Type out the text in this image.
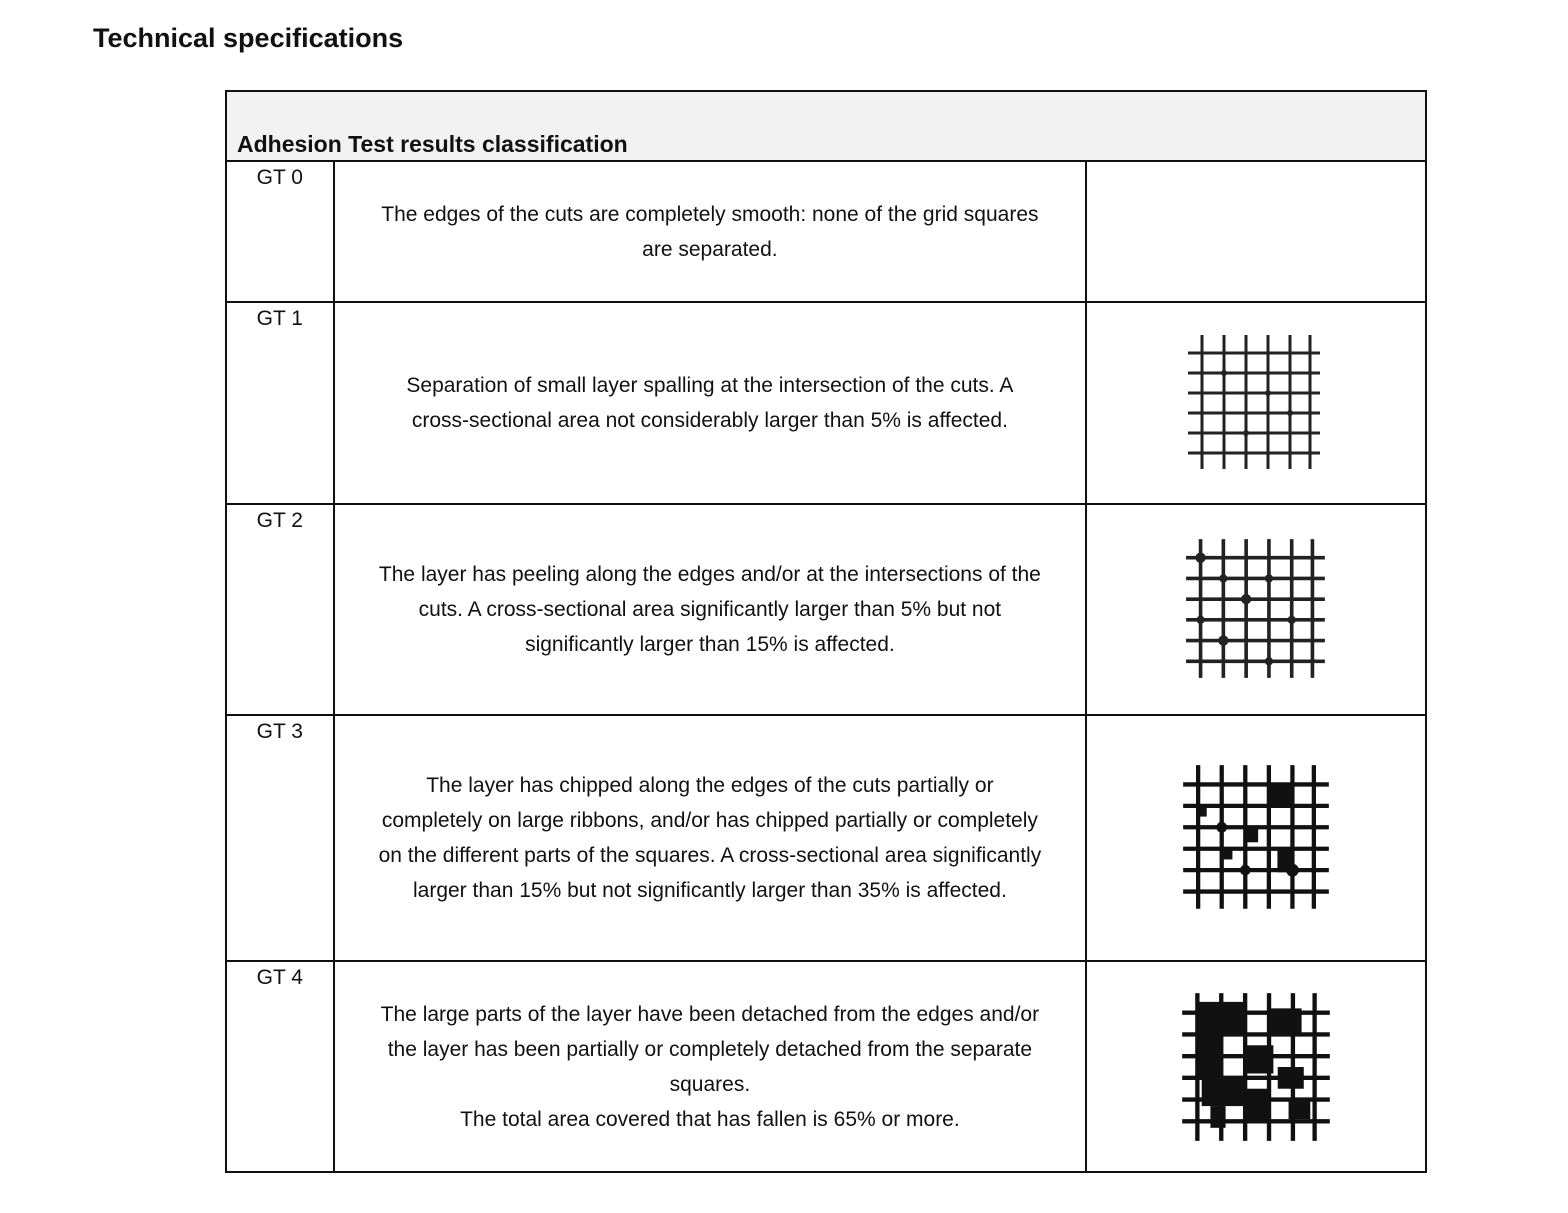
Technical specifications
Adhesion Test results classification		
GT 0	The edges of the cuts are completely smooth: none of the grid squares
are separated.	

GT 1	Separation of small layer spalling at the intersection of the cuts. A
cross-sectional area not considerably larger than 5% is affected.

GT 2	The layer has peeling along the edges and/or at the intersections of the
cuts. A cross-sectional area significantly larger than 5% but not
significantly larger than 15% is affected.

GT 3	The layer has chipped along the edges of the cuts partially or
completely on large ribbons, and/or has chipped partially or completely
on the different parts of the squares. A cross-sectional area significantly
larger than 15% but not significantly larger than 35% is affected.

GT 4	The large parts of the layer have been detached from the edges and/or
the layer has been partially or completely detached from the separate
squares.
The total area covered that has fallen is 65% or more.
